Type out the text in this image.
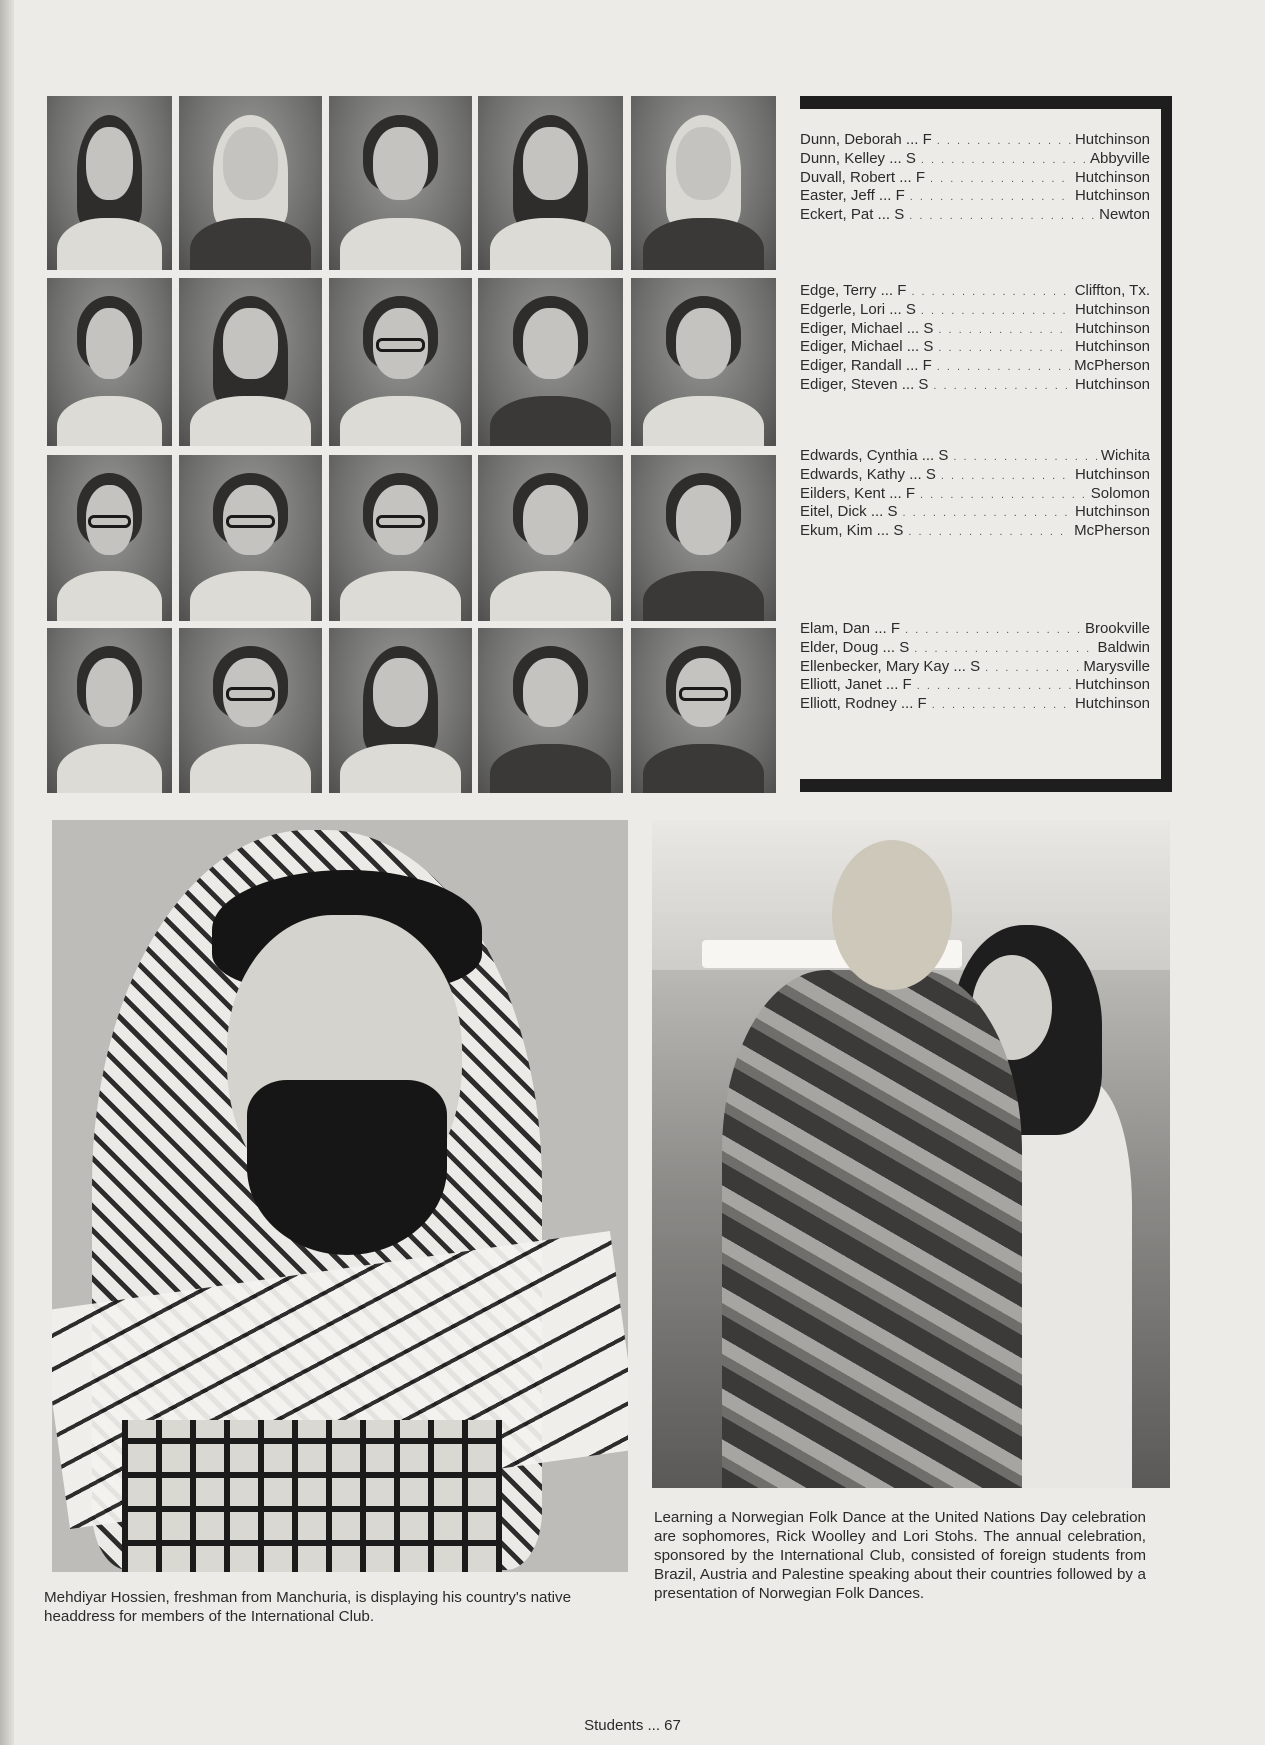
Dunn, Deborah ... F . . .	Hutchinson
Dunn, Kelley ... S . . .	Abbyville
Duvall, Robert ... F . . .	Hutchinson
Easter, Jeff ... F . . .	Hutchinson
Eckert, Pat ... S . . .	Newton
Edge, Terry ... F . . .	Cliffton, Tx.
Edgerle, Lori ... S . . .	Hutchinson
Ediger, Michael ... S . . .	Hutchinson
Ediger, Michael ... S . . .	Hutchinson
Ediger, Randall ... F . . .	McPherson
Ediger, Steven ... S . . .	Hutchinson
Edwards, Cynthia ... S . . .	Wichita
Edwards, Kathy ... S . . .	Hutchinson
Eilders, Kent ... F . . .	Solomon
Eitel, Dick ... S . . .	Hutchinson
Ekum, Kim ... S . . .	McPherson
Elam, Dan ... F . . .	Brookville
Elder, Doug ... S . . .	Baldwin
Ellenbecker, Mary Kay ... S . . .	Marysville
Elliott, Janet ... F . . .	Hutchinson
Elliott, Rodney ... F . . .	Hutchinson
Mehdiyar Hossien, freshman from Manchuria, is displaying his country's native headdress for members of the International Club.
Learning a Norwegian Folk Dance at the United Nations Day celebration are sophomores, Rick Woolley and Lori Stohs. The annual celebration, sponsored by the International Club, consisted of foreign students from Brazil, Austria and Palestine speaking about their countries followed by a presentation of Norwegian Folk Dances.
Students ... 67
